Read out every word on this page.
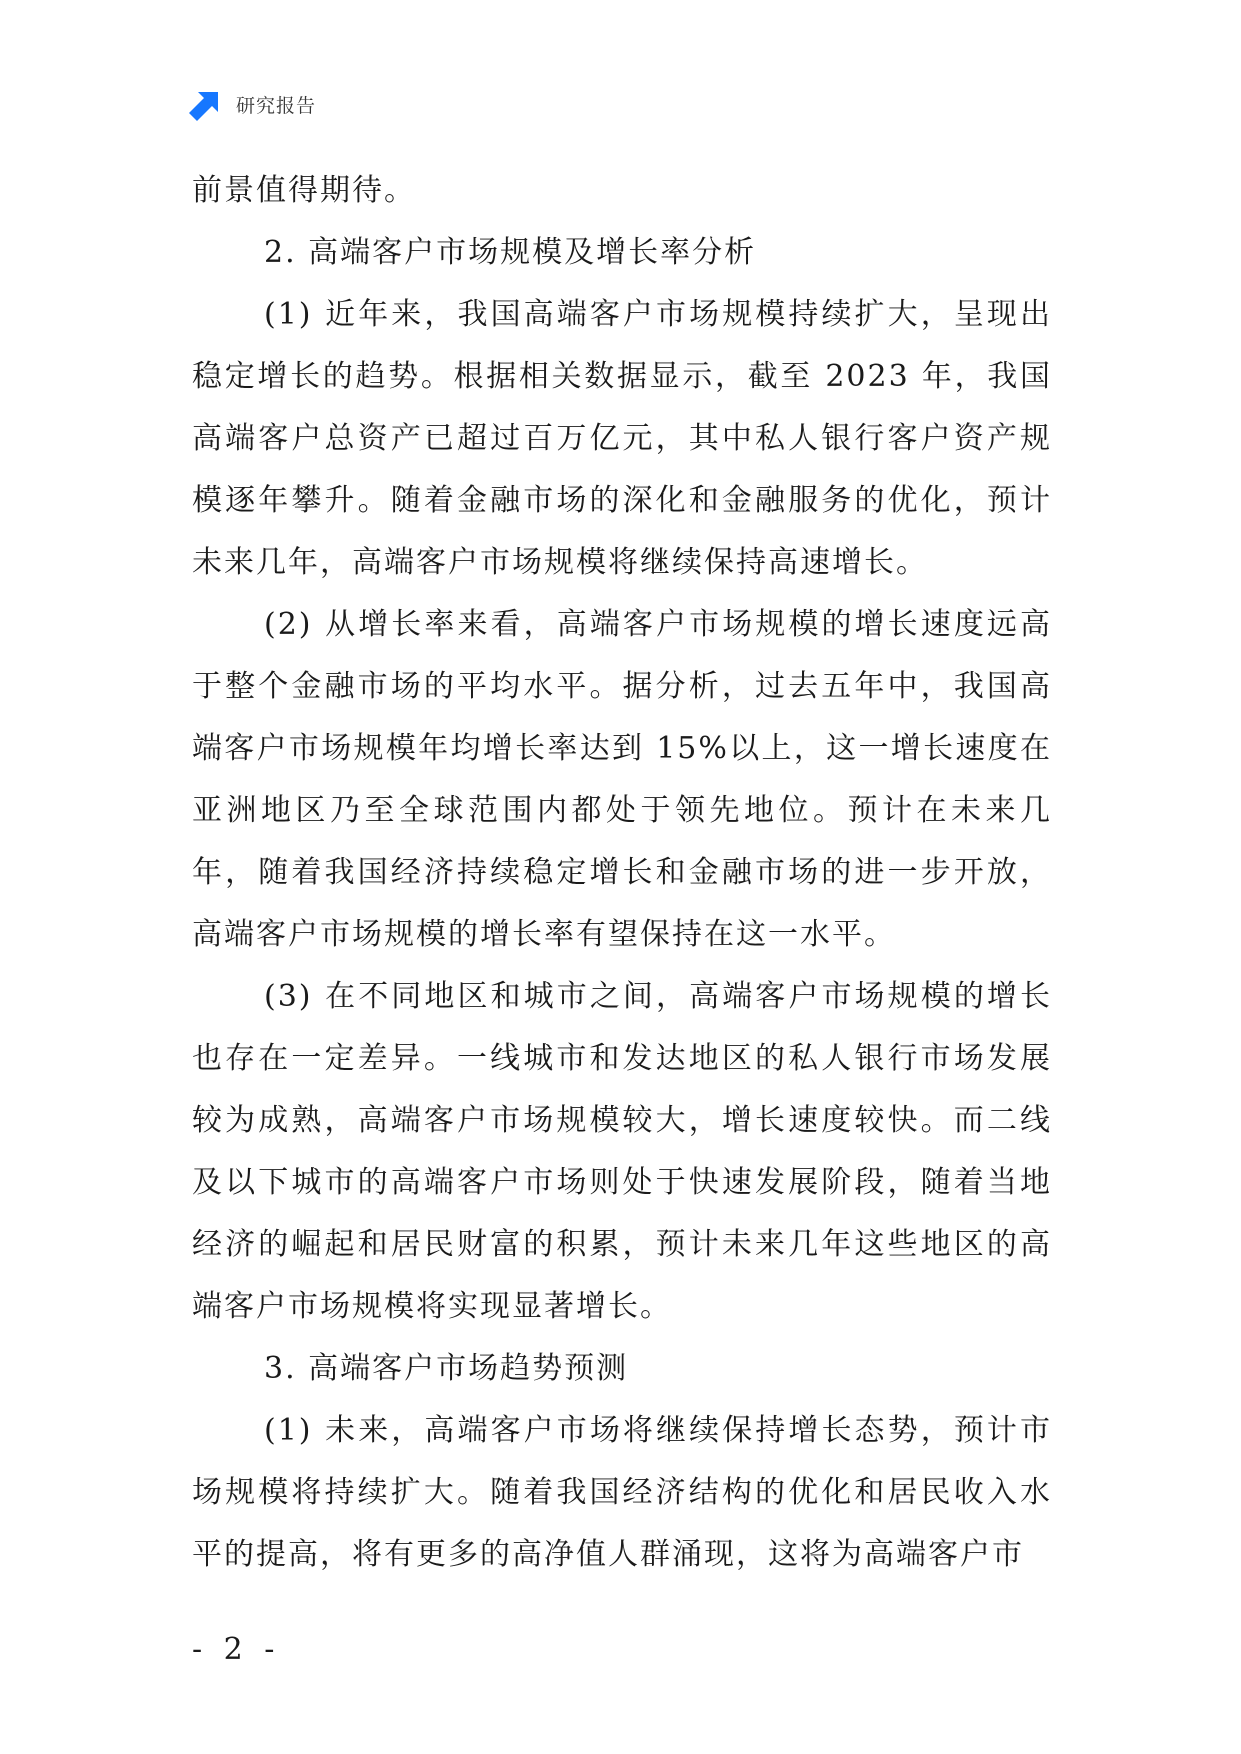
研究报告

前景值得期待。

2. 高端客户市场规模及增长率分析

(1) 近年来，我国高端客户市场规模持续扩大，呈现出稳定增长的趋势。根据相关数据显示，截至 2023 年，我国高端客户总资产已超过百万亿元，其中私人银行客户资产规模逐年攀升。随着金融市场的深化和金融服务的优化，预计未来几年，高端客户市场规模将继续保持高速增长。

(2) 从增长率来看，高端客户市场规模的增长速度远高于整个金融市场的平均水平。据分析，过去五年中，我国高端客户市场规模年均增长率达到 15%以上，这一增长速度在亚洲地区乃至全球范围内都处于领先地位。预计在未来几年，随着我国经济持续稳定增长和金融市场的进一步开放，高端客户市场规模的增长率有望保持在这一水平。

(3) 在不同地区和城市之间，高端客户市场规模的增长也存在一定差异。一线城市和发达地区的私人银行市场发展较为成熟，高端客户市场规模较大，增长速度较快。而二线及以下城市的高端客户市场则处于快速发展阶段，随着当地经济的崛起和居民财富的积累，预计未来几年这些地区的高端客户市场规模将实现显著增长。

3. 高端客户市场趋势预测

(1) 未来，高端客户市场将继续保持增长态势，预计市场规模将持续扩大。随着我国经济结构的优化和居民收入水平的提高，将有更多的高净值人群涌现，这将为高端客户市

- 2 -
